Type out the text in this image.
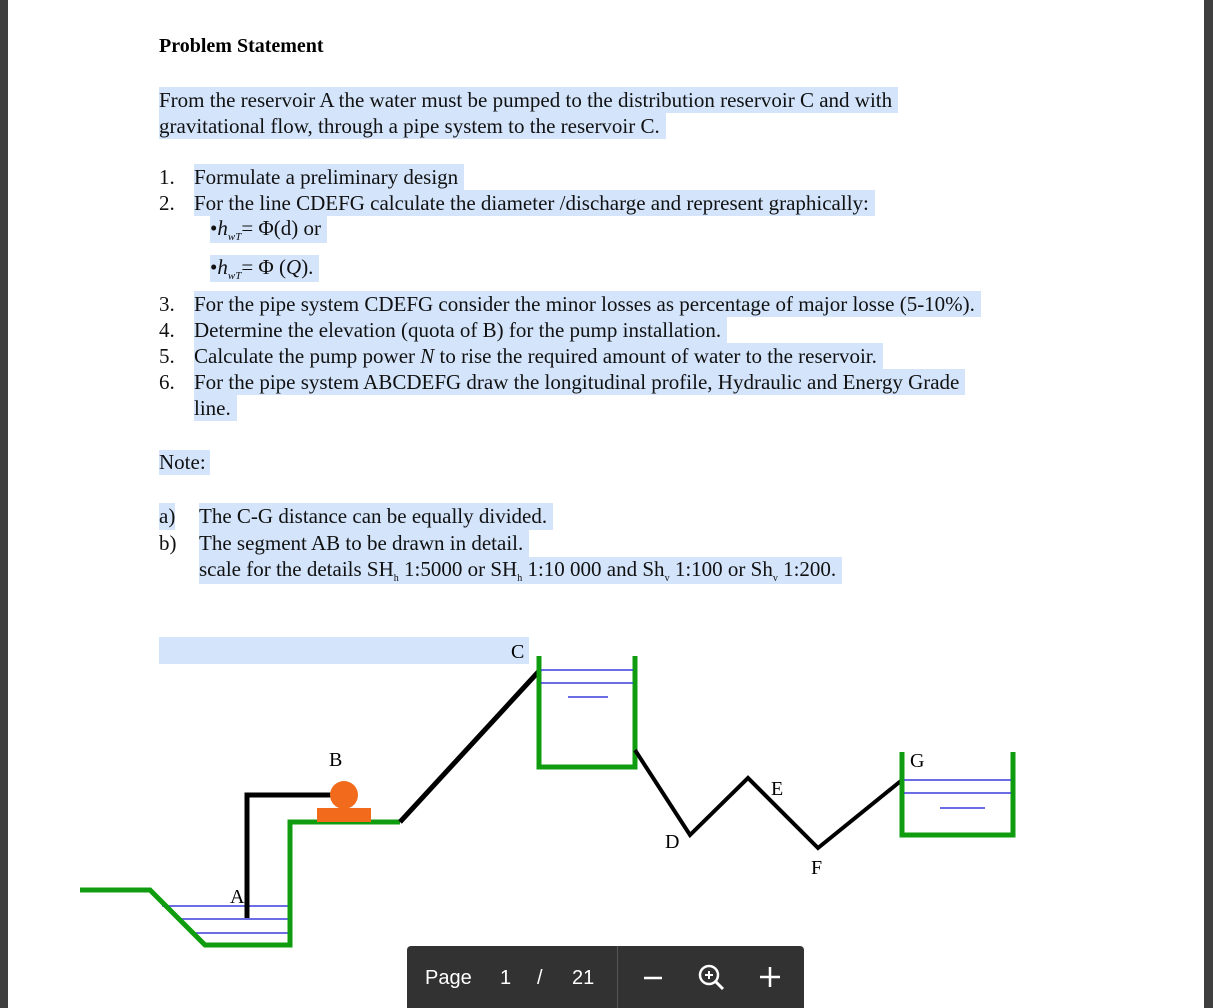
Problem Statement
From the reservoir A the water must be pumped to the distribution reservoir C and with
gravitational flow, through a pipe system to the reservoir C.
1. Formulate a preliminary design
2. For the line CDEFG calculate the diameter /discharge and represent graphically:
$•h_{wT}= \Phi(d)$ or
$•h_{wT}= \Phi$ (Q).
3. For the pipe system CDEFG consider the minor losses as percentage of major losse (5-10%).
4. Determine the elevation (quota of B) for the pump installation.
5. Calculate the pump power N to rise the required amount of water to the reservoir.
6. For the pipe system ABCDEFG draw the longitudinal profile, Hydraulic and Energy Grade
line.
Note:
a) The C-G distance can be equally divided.
b) The segment AB to be drawn in detail.
scale for the details $SH_h$ 1:5000 or $SH_h$ 1:10 000 and $Sh_v$ 1:100 or $Sh_v$ 1:200.
A
B
C
D
E
F
G
Page 1 / 21
